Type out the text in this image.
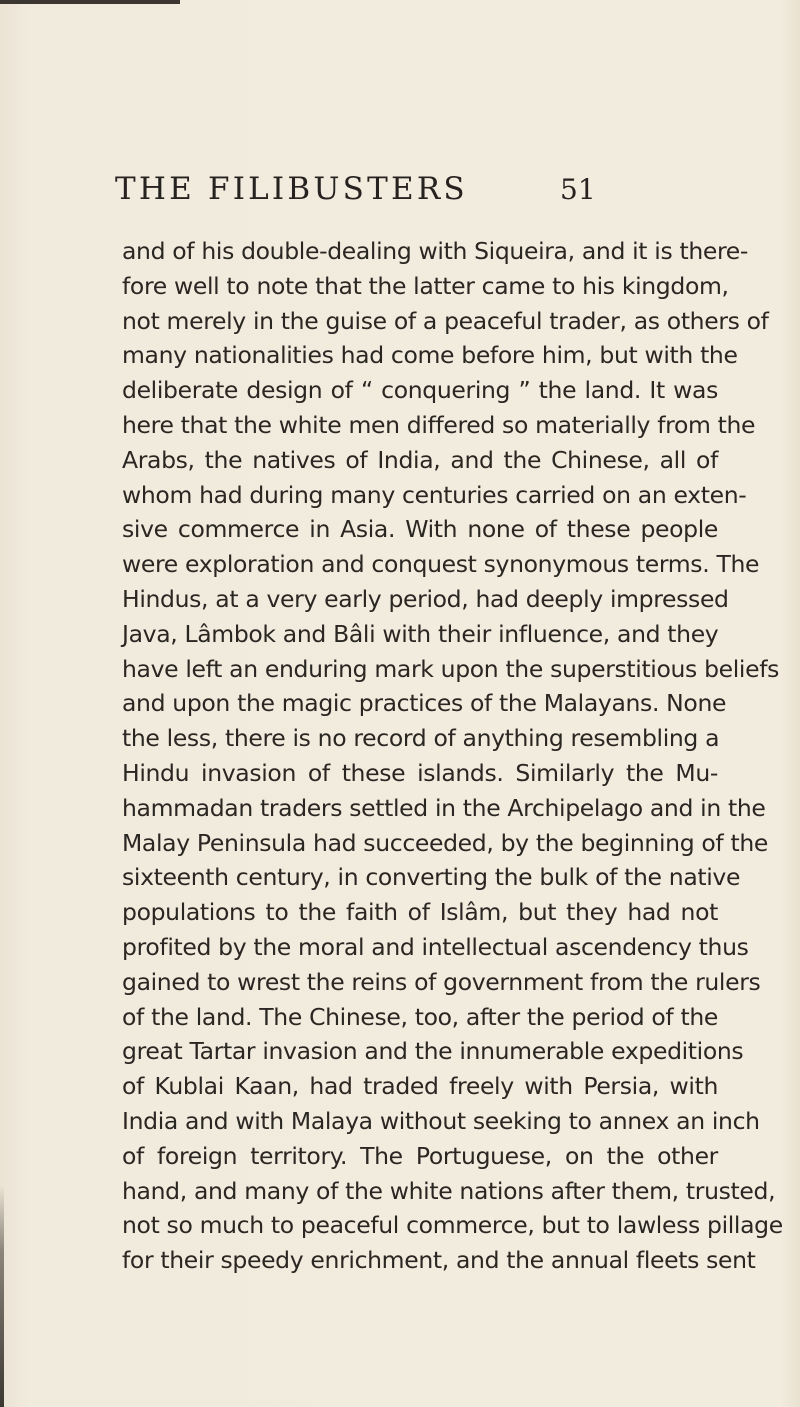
THE FILIBUSTERS	51
and of his double-dealing with Siqueira, and it is there-
fore well to note that the latter came to his kingdom,
not merely in the guise of a peaceful trader, as others of
many nationalities had come before him, but with the
deliberate design of “ conquering ” the land. It was
here that the white men differed so materially from the
Arabs, the natives of India, and the Chinese, all of
whom had during many centuries carried on an exten-
sive commerce in Asia. With none of these people
were exploration and conquest synonymous terms. The
Hindus, at a very early period, had deeply impressed
Java, Lâmbok and Bâli with their influence, and they
have left an enduring mark upon the superstitious beliefs
and upon the magic practices of the Malayans. None
the less, there is no record of anything resembling a
Hindu invasion of these islands. Similarly the Mu-
hammadan traders settled in the Archipelago and in the
Malay Peninsula had succeeded, by the beginning of the
sixteenth century, in converting the bulk of the native
populations to the faith of Islâm, but they had not
profited by the moral and intellectual ascendency thus
gained to wrest the reins of government from the rulers
of the land. The Chinese, too, after the period of the
great Tartar invasion and the innumerable expeditions
of Kublai Kaan, had traded freely with Persia, with
India and with Malaya without seeking to annex an inch
of foreign territory. The Portuguese, on the other
hand, and many of the white nations after them, trusted,
not so much to peaceful commerce, but to lawless pillage
for their speedy enrichment, and the annual fleets sent
